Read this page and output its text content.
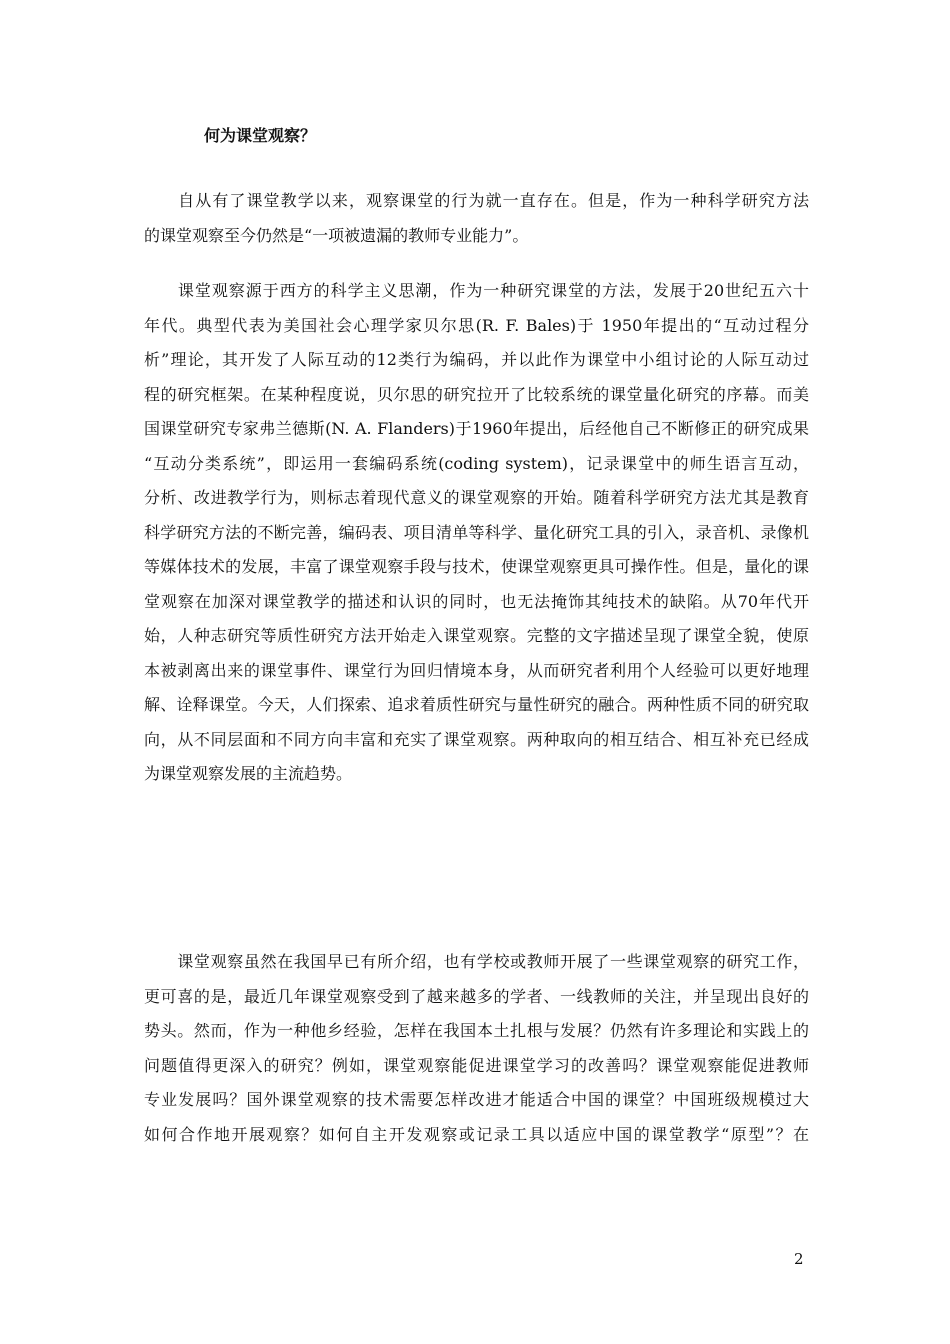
何为课堂观察？
　　自从有了课堂教学以来，观察课堂的行为就一直存在。但是，作为一种科学研究方法
的课堂观察至今仍然是“一项被遗漏的教师专业能力”。
　　课堂观察源于西方的科学主义思潮，作为一种研究课堂的方法，发展于20世纪五六十
年代。典型代表为美国社会心理学家贝尔思(R. F. Bales)于 1950年提出的“互动过程分
析”理论，其开发了人际互动的12类行为编码，并以此作为课堂中小组讨论的人际互动过
程的研究框架。在某种程度说，贝尔思的研究拉开了比较系统的课堂量化研究的序幕。而美
国课堂研究专家弗兰德斯(N. A. Flanders)于1960年提出，后经他自己不断修正的研究成果
“互动分类系统”，即运用一套编码系统(coding system)，记录课堂中的师生语言互动，
分析、改进教学行为，则标志着现代意义的课堂观察的开始。随着科学研究方法尤其是教育
科学研究方法的不断完善，编码表、项目清单等科学、量化研究工具的引入，录音机、录像机
等媒体技术的发展，丰富了课堂观察手段与技术，使课堂观察更具可操作性。但是，量化的课
堂观察在加深对课堂教学的描述和认识的同时，也无法掩饰其纯技术的缺陷。从70年代开
始，人种志研究等质性研究方法开始走入课堂观察。完整的文字描述呈现了课堂全貌，使原
本被剥离出来的课堂事件、课堂行为回归情境本身，从而研究者利用个人经验可以更好地理
解、诠释课堂。今天，人们探索、追求着质性研究与量性研究的融合。两种性质不同的研究取
向，从不同层面和不同方向丰富和充实了课堂观察。两种取向的相互结合、相互补充已经成
为课堂观察发展的主流趋势。
　　课堂观察虽然在我国早已有所介绍，也有学校或教师开展了一些课堂观察的研究工作，
更可喜的是，最近几年课堂观察受到了越来越多的学者、一线教师的关注，并呈现出良好的
势头。然而，作为一种他乡经验，怎样在我国本土扎根与发展？仍然有许多理论和实践上的
问题值得更深入的研究？例如，课堂观察能促进课堂学习的改善吗？课堂观察能促进教师
专业发展吗？国外课堂观察的技术需要怎样改进才能适合中国的课堂？中国班级规模过大
如何合作地开展观察？如何自主开发观察或记录工具以适应中国的课堂教学“原型”？在
2
